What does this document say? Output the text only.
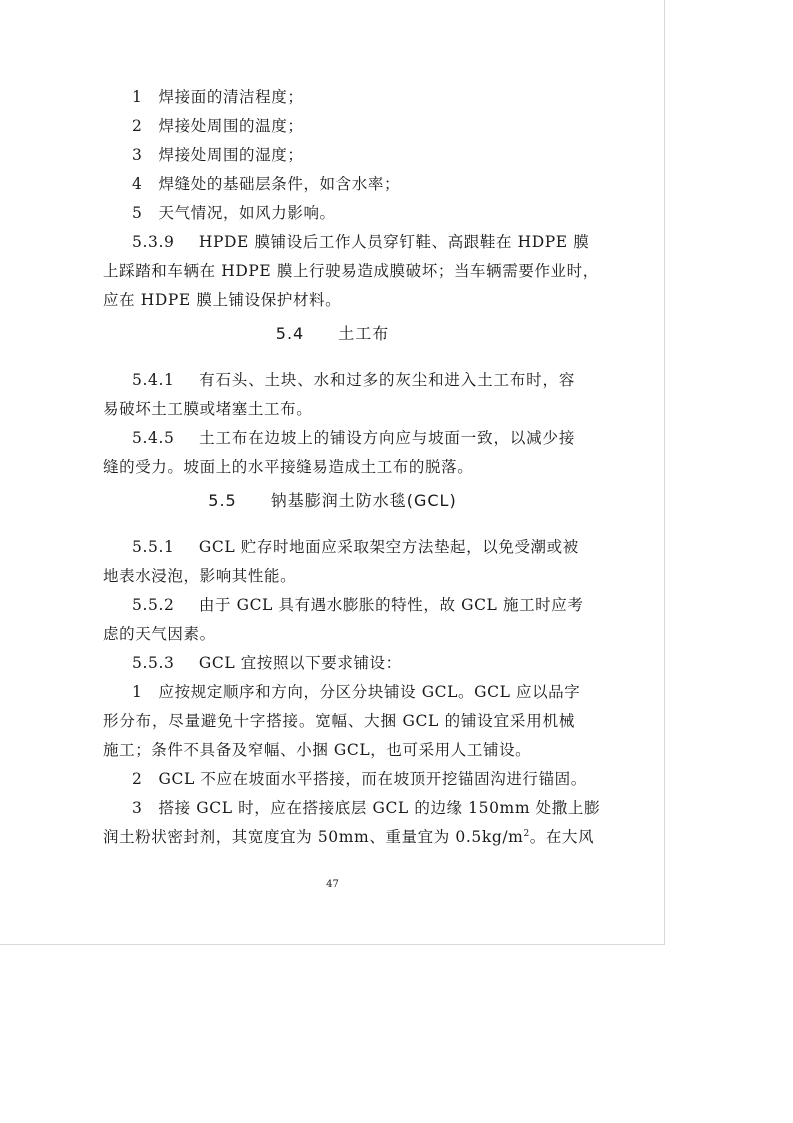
1 焊接面的清洁程度；
2 焊接处周围的温度；
3 焊接处周围的湿度；
4 焊缝处的基础层条件，如含水率；
5 天气情况，如风力影响。
5.3.9  HPDE 膜铺设后工作人员穿钉鞋、高跟鞋在 HDPE 膜
上踩踏和车辆在 HDPE 膜上行驶易造成膜破坏；当车辆需要作业时，
应在 HDPE 膜上铺设保护材料。
5.4  土工布
5.4.1  有石头、土块、水和过多的灰尘和进入土工布时，容
易破坏土工膜或堵塞土工布。
5.4.5  土工布在边坡上的铺设方向应与坡面一致，以减少接
缝的受力。坡面上的水平接缝易造成土工布的脱落。
5.5  钠基膨润土防水毯(GCL)
5.5.1  GCL 贮存时地面应采取架空方法垫起，以免受潮或被
地表水浸泡，影响其性能。
5.5.2  由于 GCL 具有遇水膨胀的特性，故 GCL 施工时应考
虑的天气因素。
5.5.3  GCL 宜按照以下要求铺设：
1 应按规定顺序和方向，分区分块铺设 GCL。GCL 应以品字
形分布，尽量避免十字搭接。宽幅、大捆 GCL 的铺设宜采用机械
施工；条件不具备及窄幅、小捆 GCL，也可采用人工铺设。
2 GCL 不应在坡面水平搭接，而在坡顶开挖锚固沟进行锚固。
3 搭接 GCL 时，应在搭接底层 GCL 的边缘 150mm 处撒上膨
润土粉状密封剂，其宽度宜为 50mm、重量宜为 $0.5kg/m^2$。在大风
47
